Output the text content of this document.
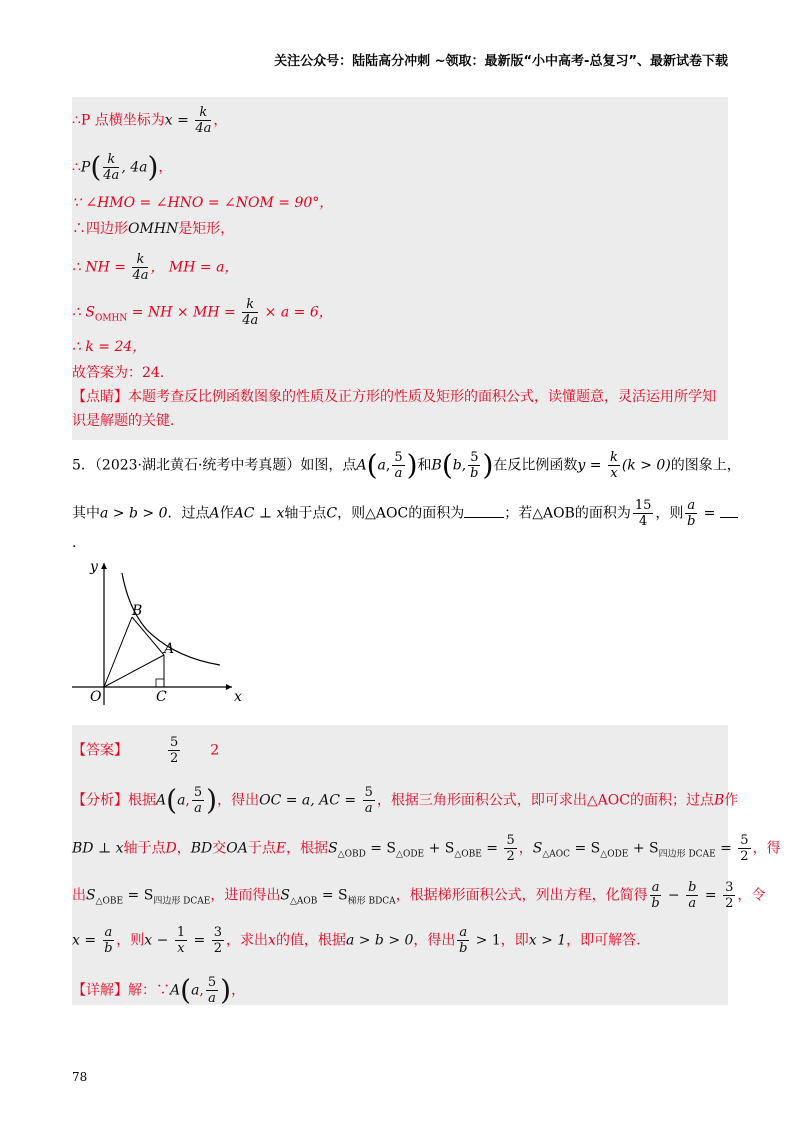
关注公众号：陆陆高分冲刺 ~领取：最新版“小中高考-总复习”、最新试卷下载
∴P 点横坐标为$x = \frac{k}{4a}$ ，
∴P( $\frac{k}{4a}$ , 4a)，
∵ ∠HMO = ∠HNO = ∠NOM = 90°，
∴四边形OMHN是矩形，
∴ NH = $\frac{k}{4a}$ ， MH = a，
∴ $S_{OMHN}$ = NH × MH = $\frac{k}{4a} \times a = 6$，
∴ k = 24，
故答案为：24.
【点睛】本题考查反比例函数图象的性质及正方形的性质及矩形的面积公式，读懂题意，灵活运用所学知
识是解题的关键.
5．（2023·湖北黄石·统考中考真题）如图，点A(a, $\frac{5}{a}$ )和B(b, $\frac{5}{b}$ )在反比例函数$y = \frac{k}{x} (k > 0)$的图象上，
其中a > b > 0．过点A作AC ⊥ x轴于点C，则△AOC的面积为	；若△AOB的面积为 $\frac{15}{4}$ ，则 $\frac{a}{b}$ =
.
y
x
O	C
A
B
【答案】	$\frac{5}{2} 2$
【分析】根据A(a, $\frac{5}{a}$ )，得出OC = a, AC = $\frac{5}{a}$ ，根据三角形面积公式，即可求出△AOC的面积；过点B作
BD ⊥ x轴于点D，BD交OA于点E，根据$S_{\triangle OBD} = S_{\triangle ODE} + S_{\triangle OBE} = \frac{5}{2}$ ，$S_{\triangle AOC} = S_{\triangle ODE} + S_{四边形 DCAE} = \frac{5}{2}$ ，得
出$S_{\triangle OBE} = S_{四边形 DCAE}$，进而得出$S_{\triangle AOB} = S_{梯形 BDCA}$，根据梯形面积公式，列出方程，化简得 $\frac{a}{b} - \frac{b}{a} = \frac{3}{2}$ ，令
$x = \frac{a}{b}$ ，则$x - \frac{1}{x} = \frac{3}{2}$ ，求出x的值，根据a > b > 0，得出 $\frac{a}{b} > 1$，即x > 1，即可解答.
【详解】解：∵A(a, $\frac{5}{a}$ )，
78
